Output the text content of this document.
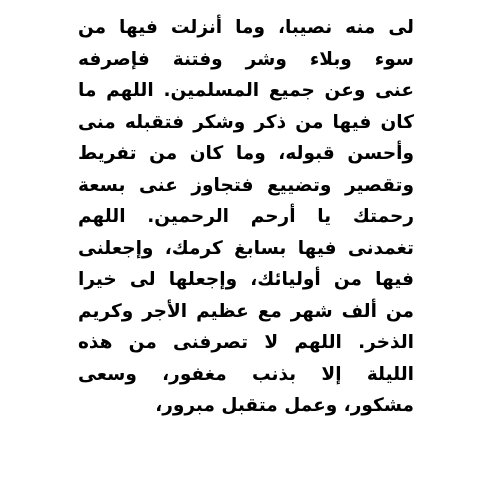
لى منه نصيبا، وما أنزلت فيها من
سوء وبلاء وشر وفتنة فإصرفه
عنى وعن جميع المسلمين. اللهم ما
كان فيها من ذكر وشكر فتقبله منى
وأحسن قبوله، وما كان من تفريط
وتقصير وتضييع فتجاوز عنى بسعة
رحمتك يا أرحم الرحمين. اللهم
تغمدنى فيها بسابغ كرمك، وإجعلنى
فيها من أوليائك، وإجعلها لى خيرا
من ألف شهر مع عظيم الأجر وكريم
الذخر. اللهم لا تصرفنى من هذه
الليلة إلا بذنب مغفور، وسعى
مشكور، وعمل متقبل مبرور،
